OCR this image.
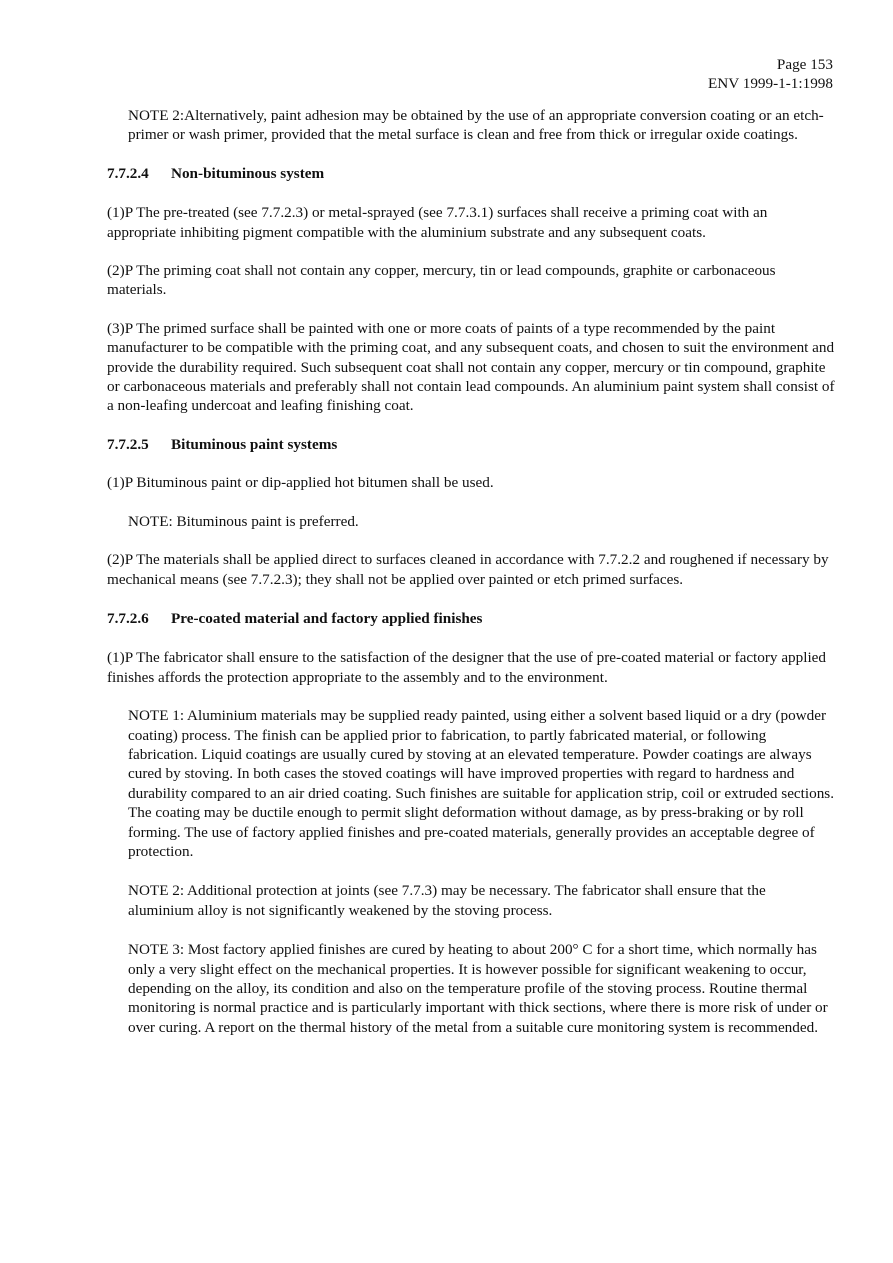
Page 153
ENV 1999-1-1:1998

NOTE 2:Alternatively, paint adhesion may be obtained by the use of an appropriate conversion coating or an etch-primer or wash primer, provided that the metal surface is clean and free from thick or irregular oxide coatings.

7.7.2.4 Non-bituminous system

(1)P The pre-treated (see 7.7.2.3) or metal-sprayed (see 7.7.3.1) surfaces shall receive a priming coat with an appropriate inhibiting pigment compatible with the aluminium substrate and any subsequent coats.

(2)P The priming coat shall not contain any copper, mercury, tin or lead compounds, graphite or carbonaceous materials.

(3)P The primed surface shall be painted with one or more coats of paints of a type recommended by the paint manufacturer to be compatible with the priming coat, and any subsequent coats, and chosen to suit the environment and provide the durability required. Such subsequent coat shall not contain any copper, mercury or tin compound, graphite or carbonaceous materials and preferably shall not contain lead compounds. An aluminium paint system shall consist of a non-leafing undercoat and leafing finishing coat.

7.7.2.5 Bituminous paint systems

(1)P Bituminous paint or dip-applied hot bitumen shall be used.

NOTE: Bituminous paint is preferred.

(2)P The materials shall be applied direct to surfaces cleaned in accordance with 7.7.2.2 and roughened if necessary by mechanical means (see 7.7.2.3); they shall not be applied over painted or etch primed surfaces.

7.7.2.6 Pre-coated material and factory applied finishes

(1)P The fabricator shall ensure to the satisfaction of the designer that the use of pre-coated material or factory applied finishes affords the protection appropriate to the assembly and to the environment.

NOTE 1: Aluminium materials may be supplied ready painted, using either a solvent based liquid or a dry (powder coating) process. The finish can be applied prior to fabrication, to partly fabricated material, or following fabrication. Liquid coatings are usually cured by stoving at an elevated temperature. Powder coatings are always cured by stoving. In both cases the stoved coatings will have improved properties with regard to hardness and durability compared to an air dried coating. Such finishes are suitable for application strip, coil or extruded sections. The coating may be ductile enough to permit slight deformation without damage, as by press-braking or by roll forming. The use of factory applied finishes and pre-coated materials, generally provides an acceptable degree of protection.

NOTE 2: Additional protection at joints (see 7.7.3) may be necessary. The fabricator shall ensure that the aluminium alloy is not significantly weakened by the stoving process.

NOTE 3: Most factory applied finishes are cured by heating to about 200° C for a short time, which normally has only a very slight effect on the mechanical properties. It is however possible for significant weakening to occur, depending on the alloy, its condition and also on the temperature profile of the stoving process. Routine thermal monitoring is normal practice and is particularly important with thick sections, where there is more risk of under or over curing. A report on the thermal history of the metal from a suitable cure monitoring system is recommended.
